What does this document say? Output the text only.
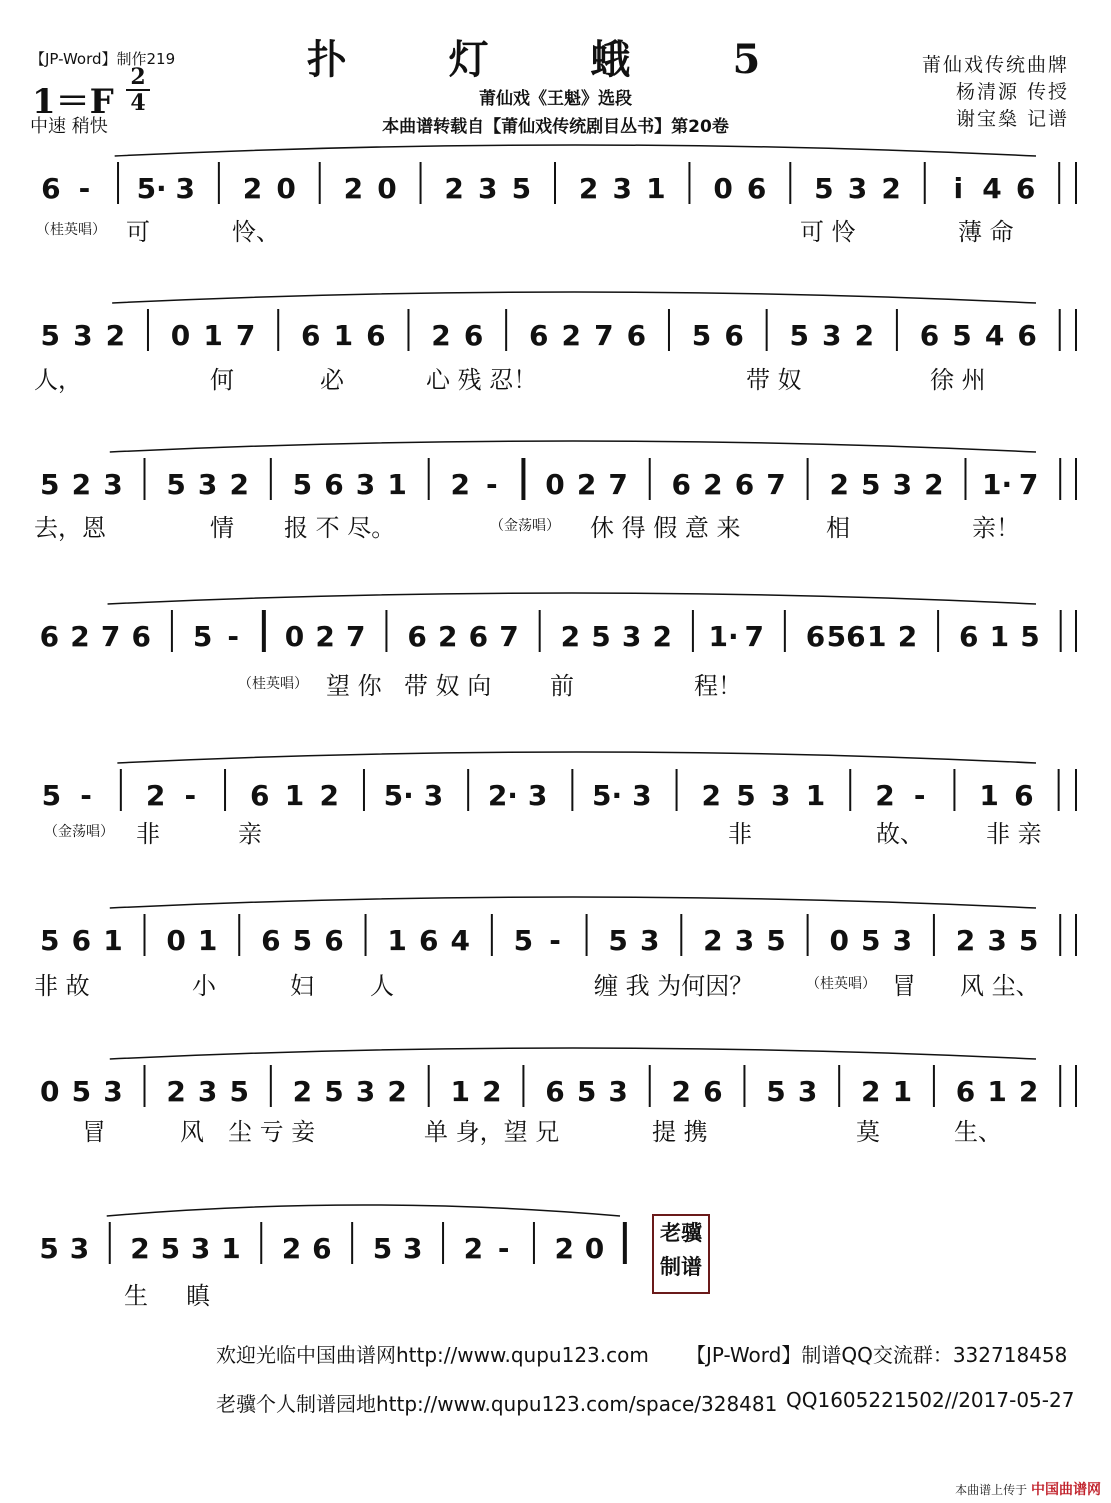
【JP-Word】制作219	扑 灯 蛾 5
莆仙戏《王魁》选段
本曲谱转载自【莆仙戏传统剧目丛书】第20卷
1＝F
2
4
中速 稍快
莆仙戏传统曲牌
杨清源 传授
谢宝燊 记谱
6 - 5· 3 2 0 2 0 2 3 5 2 3 1 0 6 5 3 2 i 4 6
5 3 2 0 1 7 6 1 6 2 6 6 2 7 6 5 6 5 3 2 6 5 4 6
5 2 3 5 3 2 5 6 3 1 2 - 0 2 7 6 2 6 7 2 5 3 2 1· 7
6 2 7 6 5 - 0 2 7 6 2 6 7 2 5 3 2 1· 7 6 56 1 2 6 1 5
5 - 2 - 6 1 2 5· 3 2· 3 5· 3 2 5 3 1 2 - 1 6
5 6 1 0 1 6 5 6 1 6 4 5 - 5 3 2 3 5 0 5 3 2 3 5
0 5 3 2 3 5 2 5 3 2 1 2 6 5 3 2 6 5 3 2 1 6 1 2
5 3 2 5 3 1 2 6 5 3 2 - 2 0
（桂英唱） 可	怜、	可 怜	薄 命
人，	何	必	心 残 忍！	带 奴	徐 州
去，恩	情 报 不 尽。	（金荡唱） 休 得 假 意 来	相	亲！
（桂英唱） 望 你 带 奴 向 前	程！
（金荡唱） 非	亲	非	故、	非 亲
非 故	小	妇 人	缠 我 为何因？	（桂英唱） 冒 风 尘、
冒	风 尘 亏 妾	单 身，望 兄	提 携	莫	生、
生 瞋
老骥
制谱
欢迎光临中国曲谱网http://www.qupu123.com 【JP-Word】制谱QQ交流群：332718458
老骥个人制谱园地http://www.qupu123.com/space/328481 QQ1605221502//2017-05-27
本曲谱上传于 中国曲谱网
